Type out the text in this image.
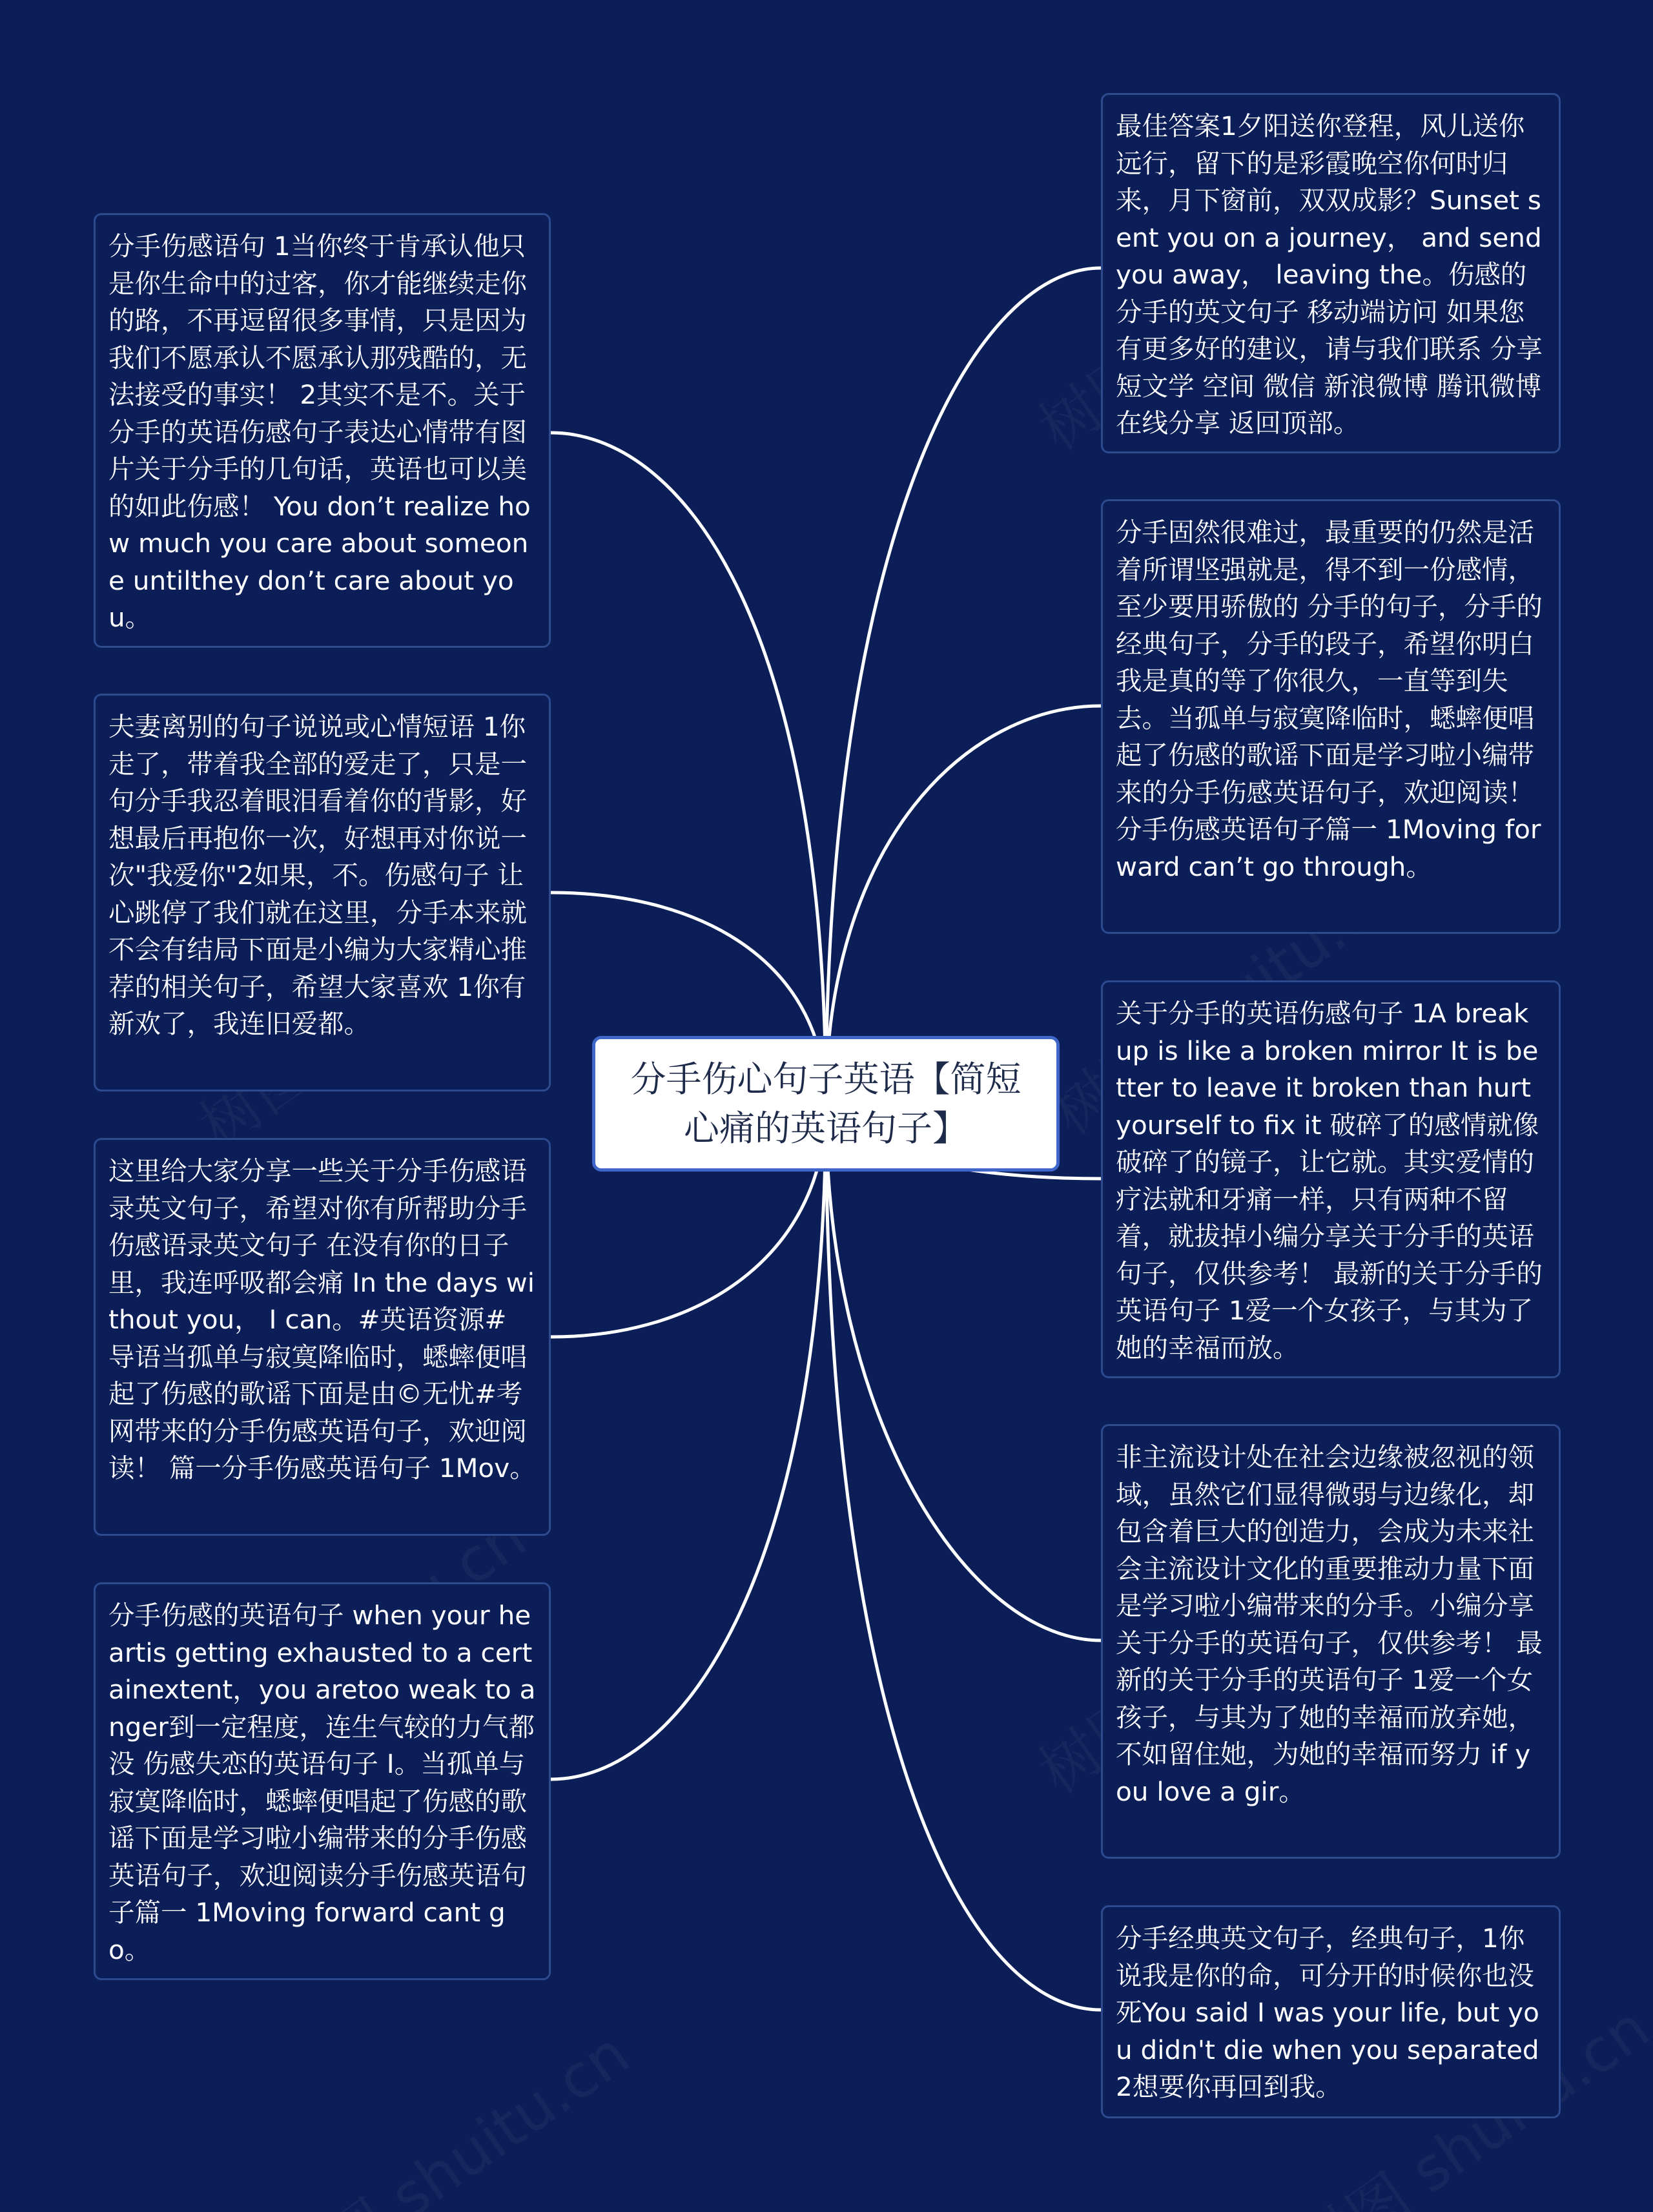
分手伤心句子英语【简短心痛的英语句子】
分手伤感语句 1当你终于肯承认他只是你生命中的过客，你才能继续走你的路，不再逗留很多事情，只是因为我们不愿承认不愿承认那残酷的，无法接受的事实！ 2其实不是不。关于分手的英语伤感句子表达心情带有图片关于分手的几句话，英语也可以美的如此伤感！ You don’t realize how much you care about someone untilthey don’t care about you。
夫妻离别的句子说说或心情短语 1你走了，带着我全部的爱走了，只是一句分手我忍着眼泪看着你的背影，好想最后再抱你一次，好想再对你说一次"我爱你"2如果，不。伤感句子 让心跳停了我们就在这里，分手本来就不会有结局下面是小编为大家精心推荐的相关句子，希望大家喜欢 1你有新欢了，我连旧爱都。
这里给大家分享一些关于分手伤感语录英文句子，希望对你有所帮助分手伤感语录英文句子 在没有你的日子里，我连呼吸都会痛 In the days without you， I can。#英语资源# 导语当孤单与寂寞降临时，蟋蟀便唱起了伤感的歌谣下面是由©无忧#考网带来的分手伤感英语句子，欢迎阅读！ 篇一分手伤感英语句子 1Mov。
分手伤感的英语句子 when your heartis getting exhausted to a certainextent，you aretoo weak to anger到一定程度，连生气较的力气都没 伤感失恋的英语句子 I。当孤单与寂寞降临时，蟋蟀便唱起了伤感的歌谣下面是学习啦小编带来的分手伤感英语句子，欢迎阅读分手伤感英语句子篇一 1Moving forward cant go。
最佳答案1夕阳送你登程，风儿送你远行，留下的是彩霞晚空你何时归来，月下窗前，双双成影？Sunset sent you on a journey， and send you away， leaving the。伤感的分手的英文句子 移动端访问 如果您有更多好的建议，请与我们联系 分享短文学 空间 微信 新浪微博 腾讯微博 在线分享 返回顶部。
分手固然很难过，最重要的仍然是活着所谓坚强就是，得不到一份感情，至少要用骄傲的 分手的句子，分手的经典句子，分手的段子，希望你明白我是真的等了你很久，一直等到失去。当孤单与寂寞降临时，蟋蟀便唱起了伤感的歌谣下面是学习啦小编带来的分手伤感英语句子，欢迎阅读！ 分手伤感英语句子篇一 1Moving forward can’t go through。
关于分手的英语伤感句子 1A break up is like a broken mirror It is better to leave it broken than hurt yourself to fix it 破碎了的感情就像破碎了的镜子，让它就。其实爱情的疗法就和牙痛一样，只有两种不留着，就拔掉小编分享关于分手的英语句子，仅供参考！ 最新的关于分手的英语句子 1爱一个女孩子，与其为了她的幸福而放。
非主流设计处在社会边缘被忽视的领域，虽然它们显得微弱与边缘化，却包含着巨大的创造力，会成为未来社会主流设计文化的重要推动力量下面是学习啦小编带来的分手。小编分享关于分手的英语句子，仅供参考！ 最新的关于分手的英语句子 1爱一个女孩子，与其为了她的幸福而放弃她，不如留住她，为她的幸福而努力 if you love a gir。
分手经典英文句子，经典句子，1你说我是你的命，可分开的时候你也没死You said I was your life, but you didn't die when you separated2想要你再回到我。
